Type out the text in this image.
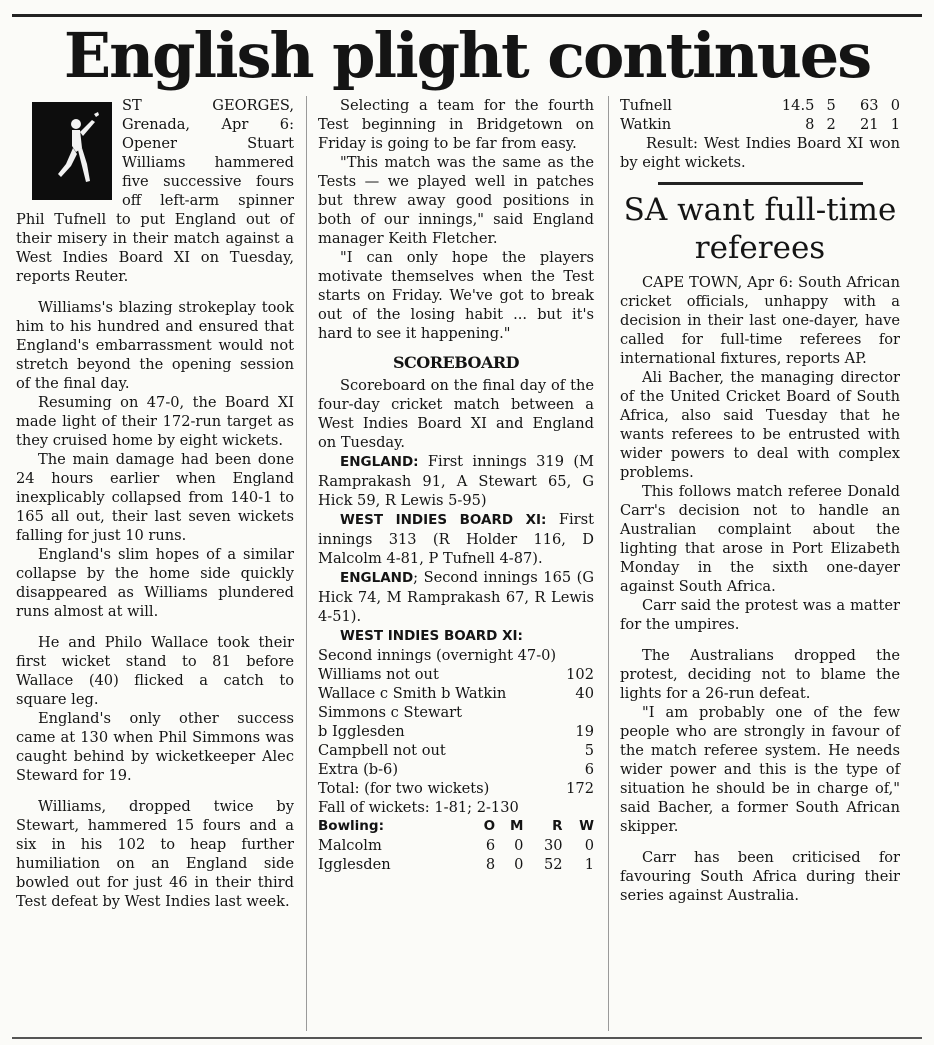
English plight continues

ST GEORGES, Grenada, Apr 6: Opener Stuart Williams hammered five successive fours off left-arm spinner Phil Tufnell to put England out of their misery in their match against a West Indies Board XI on Tuesday, reports Reuter.

Williams's blazing strokeplay took him to his hundred and ensured that England's embarrassment would not stretch beyond the opening session of the final day.

Resuming on 47-0, the Board XI made light of their 172-run target as they cruised home by eight wickets.

The main damage had been done 24 hours earlier when England inexplicably collapsed from 140-1 to 165 all out, their last seven wickets falling for just 10 runs.

England's slim hopes of a similar collapse by the home side quickly disappeared as Williams plundered runs almost at will.

He and Philo Wallace took their first wicket stand to 81 before Wallace (40) flicked a catch to square leg.

England's only other success came at 130 when Phil Simmons was caught behind by wicketkeeper Alec Steward for 19.

Williams, dropped twice by Stewart, hammered 15 fours and a six in his 102 to heap further humiliation on an England side bowled out for just 46 in their third Test defeat by West Indies last week.

Selecting a team for the fourth Test beginning in Bridgetown on Friday is going to be far from easy.

"This match was the same as the Tests — we played well in patches but threw away good positions in both of our innings," said England manager Keith Fletcher.

"I can only hope the players motivate themselves when the Test starts on Friday. We've got to break out of the losing habit ... but it's hard to see it happening."

SCOREBOARD

Scoreboard on the final day of the four-day cricket match between a West Indies Board XI and England on Tuesday.

ENGLAND: First innings 319 (M Ramprakash 91, A Stewart 65, G Hick 59, R Lewis 5-95)

WEST INDIES BOARD XI: First innings 313 (R Holder 116, D Malcolm 4-81, P Tufnell 4-87).

ENGLAND; Second innings 165 (G Hick 74, M Ramprakash 67, R Lewis 4-51).

WEST INDIES BOARD XI:

Second innings (overnight 47-0)

Williams not out	102
Wallace c Smith b Watkin	40
Simmons c Stewart	
b Igglesden	19
Campbell not out	5
Extra (b-6)	6
Total: (for two wickets)	172

Fall of wickets: 1-81; 2-130

Bowling:	O	M	R	W
Malcolm	6	0	30	0
Igglesden	8	0	52	1
Tufnell	14.5	5	63	0
Watkin	8	2	21	1

Result: West Indies Board XI won by eight wickets.

SA want full-time referees

CAPE TOWN, Apr 6: South African cricket officials, unhappy with a decision in their last one-dayer, have called for full-time referees for international fixtures, reports AP.

Ali Bacher, the managing director of the United Cricket Board of South Africa, also said Tuesday that he wants referees to be entrusted with wider powers to deal with complex problems.

This follows match referee Donald Carr's decision not to handle an Australian complaint about the lighting that arose in Port Elizabeth Monday in the sixth one-dayer against South Africa.

Carr said the protest was a matter for the umpires.

The Australians dropped the protest, deciding not to blame the lights for a 26-run defeat.

"I am probably one of the few people who are strongly in favour of the match referee system. He needs wider power and this is the type of situation he should be in charge of," said Bacher, a former South African skipper.

Carr has been criticised for favouring South Africa during their series against Australia.
